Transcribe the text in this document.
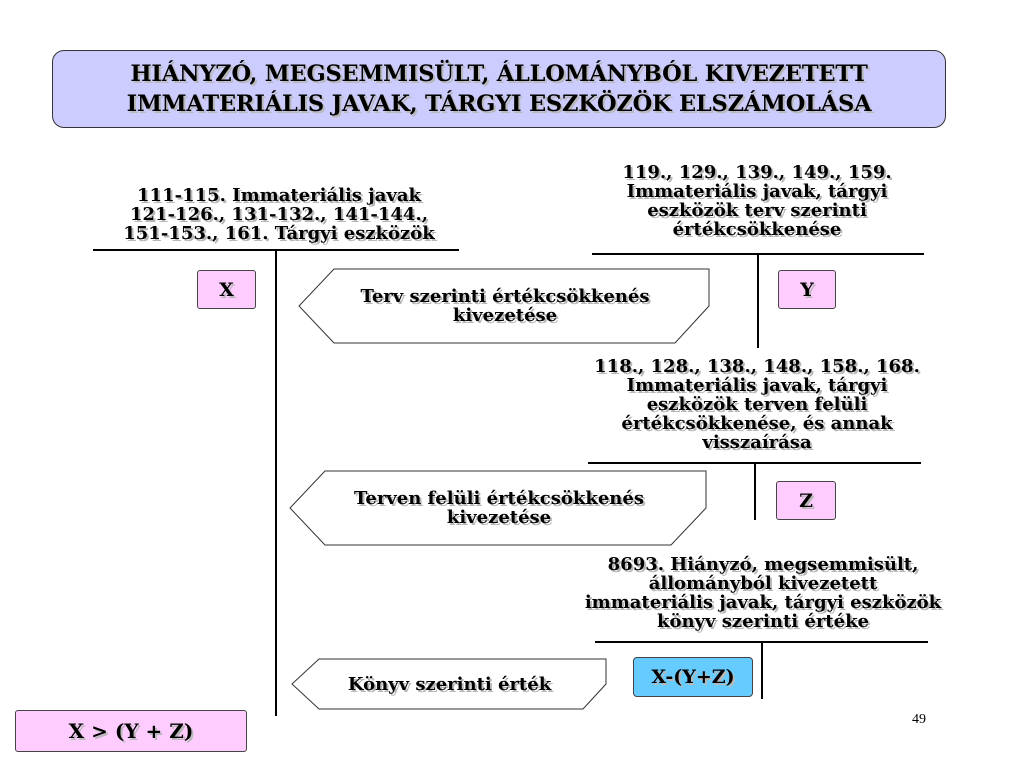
HIÁNYZÓ, MEGSEMMISÜLT, ÁLLOMÁNYBÓL KIVEZETETT
IMMATERIÁLIS JAVAK, TÁRGYI ESZKÖZÖK ELSZÁMOLÁSA
111-115. Immateriális javak
121-126., 131-132., 141-144.,
151-153., 161. Tárgyi eszközök
X
119., 129., 139., 149., 159.
Immateriális javak, tárgyi
eszközök terv szerinti
értékcsökkenése
Y
118., 128., 138., 148., 158., 168.
Immateriális javak, tárgyi
eszközök terven felüli
értékcsökkenése, és annak
visszaírása
Z
8693. Hiányzó, megsemmisült,
állományból kivezetett
immateriális javak, tárgyi eszközök
könyv szerinti értéke
X-(Y+Z)
Terv szerinti értékcsökkenés
kivezetése
Terven felüli értékcsökkenés
kivezetése
Könyv szerinti érték
X > (Y + Z)	49
